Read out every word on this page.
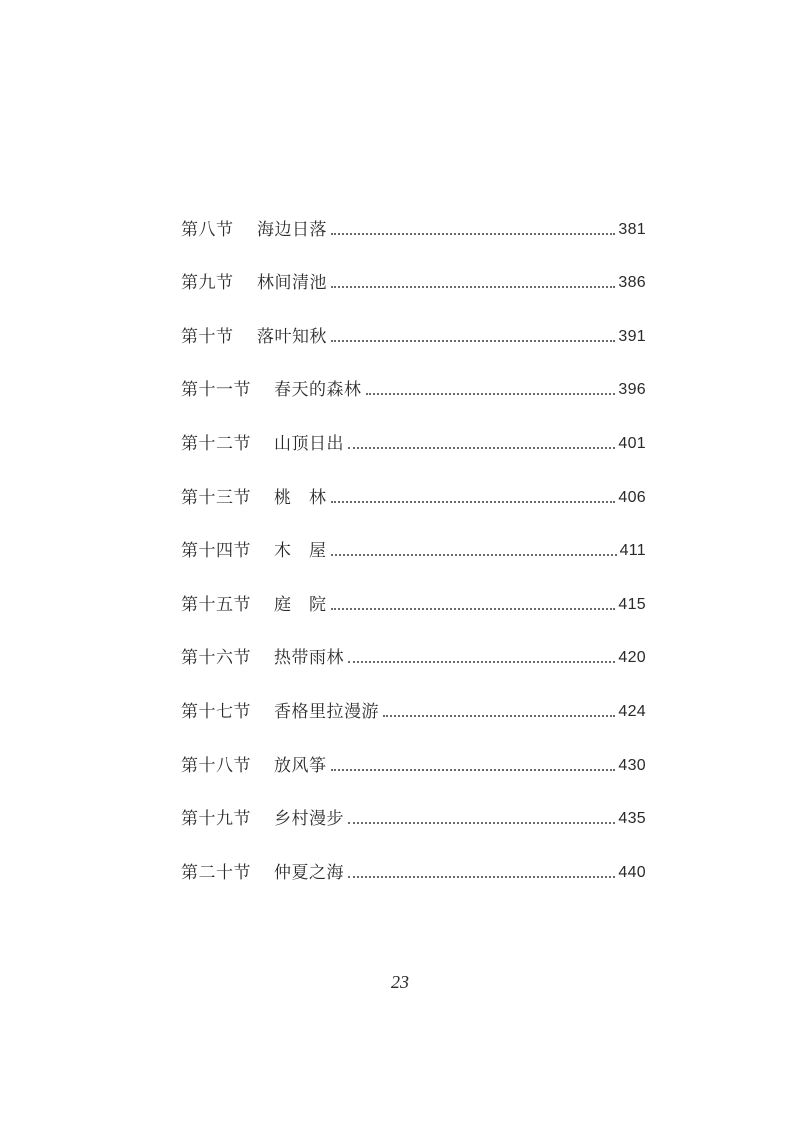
第八节	海边日落	381
第九节	林间清池	386
第十节	落叶知秋	391
第十一节	春天的森林	396
第十二节	山顶日出	401
第十三节	桃　林	406
第十四节	木　屋	411
第十五节	庭　院	415
第十六节	热带雨林	420
第十七节	香格里拉漫游	424
第十八节	放风筝	430
第十九节	乡村漫步	435
第二十节	仲夏之海	440
23
